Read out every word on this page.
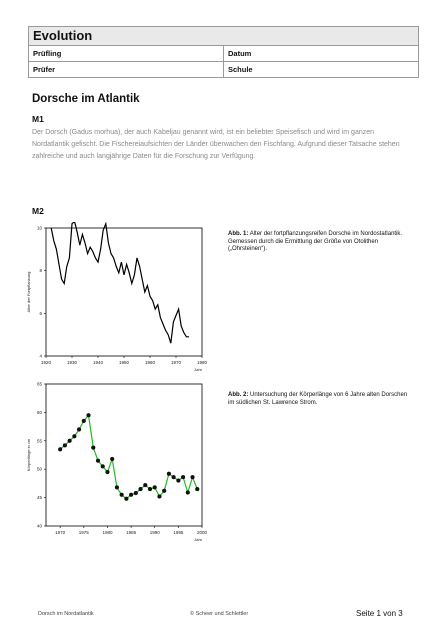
Evolution
Prüfling	Datum
Prüfer	Schule
Dorsche im Atlantik
M1
Der Dorsch (Gadus morhua), der auch Kabeljau genannt wird, ist ein beliebter Speisefisch und wird im ganzen Nordatlantik gefischt. Die Fischereiaufsichten der Länder überwachen den Fischfang. Aufgrund dieser Tatsache stehen zahlreiche und auch langjährige Daten für die Forschung zur Verfügung.
M2
1920	1930	1940	1950	1960	1970	1980
4
6
8
10
Jahr
Alter der Fortpflanzung
1970	1975	1980	1985	1990	1995	2000
40
45
50
55
60
65
Jahr
Körperlänge in cm
Abb. 1: Alter der fortpflanzungsreifen Dorsche im Nordostatlantik. Gemessen durch die Ermittlung der Größe von Otolithen („Ohrsteinen“).
Abb. 2: Untersuchung der Körperlänge von 6 Jahre alten Dorschen im südlichen St. Lawrence Strom.
Dorsch im Nordatlantik	© Scheer und Schlettler	Seite 1 von 3
